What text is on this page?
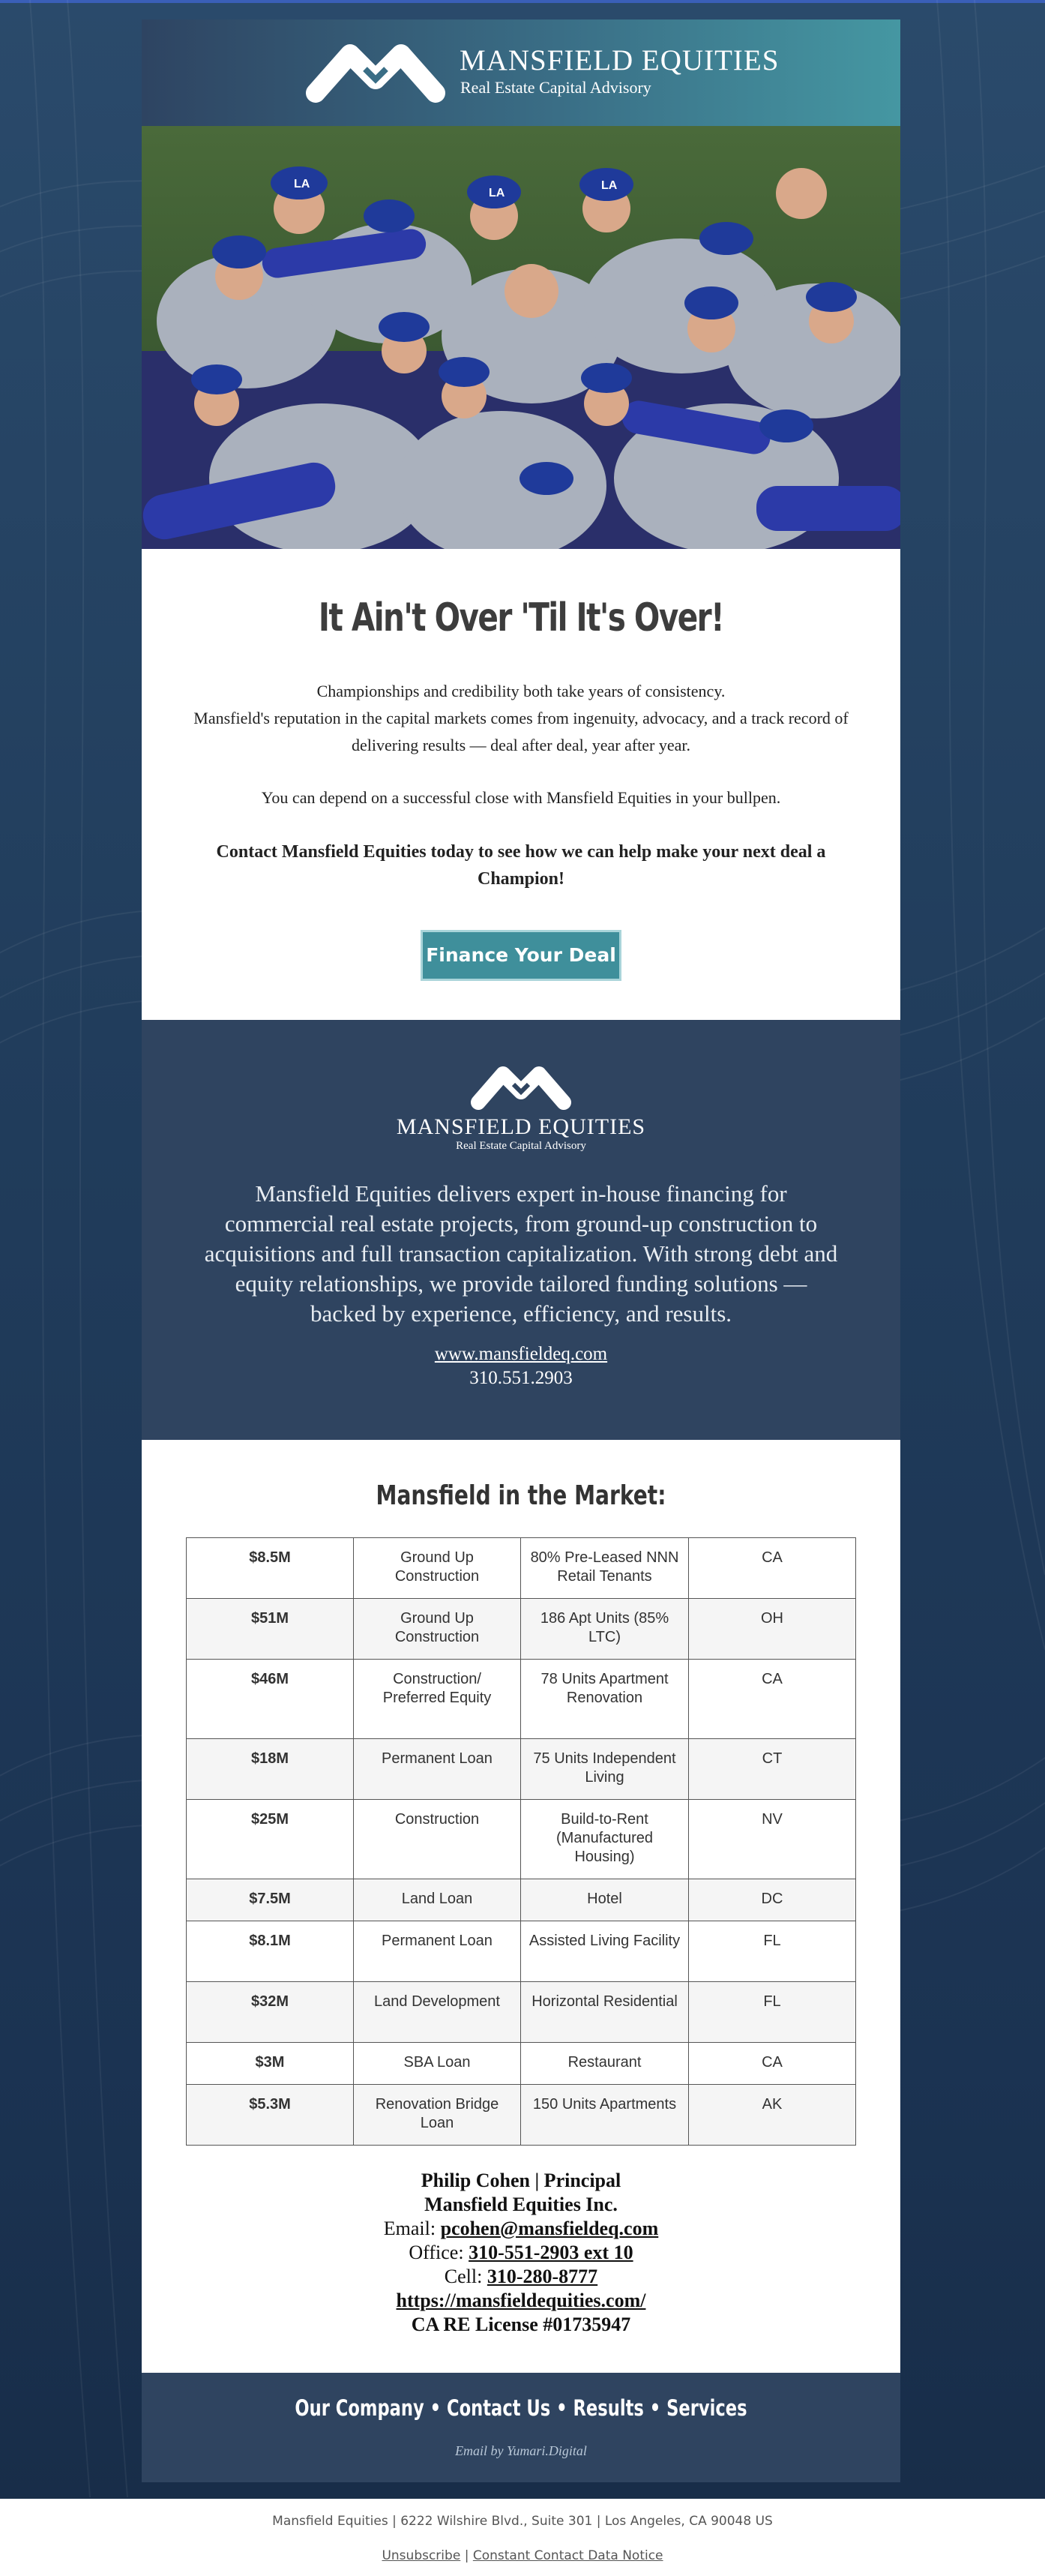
MANSFIELD EQUITIES
Real Estate Capital Advisory
LA
LA
LA
It Ain't Over 'Til It's Over!
Championships and credibility both take years of consistency.
Mansfield's reputation in the capital markets comes from ingenuity, advocacy, and a track record of delivering results — deal after deal, year after year.
You can depend on a successful close with Mansfield Equities in your bullpen.
Contact Mansfield Equities today to see how we can help make your next deal a Champion!
Finance Your Deal
MANSFIELD EQUITIES
Real Estate Capital Advisory
Mansfield Equities delivers expert in-house financing for commercial real estate projects, from ground-up construction to acquisitions and full transaction capitalization. With strong debt and equity relationships, we provide tailored funding solutions — backed by experience, efficiency, and results.
www.mansfieldeq.com
310.551.2903
Mansfield in the Market:
$8.5M	Ground Up Construction	80% Pre-Leased NNN Retail Tenants	CA
$51M	Ground Up Construction	186 Apt Units (85% LTC)	OH
$46M	Construction/ Preferred Equity	78 Units Apartment Renovation	CA
$18M	Permanent Loan	75 Units Independent Living	CT
$25M	Construction	Build-to-Rent (Manufactured Housing)	NV
$7.5M	Land Loan	Hotel	DC
$8.1M	Permanent Loan	Assisted Living Facility	FL
$32M	Land Development	Horizontal Residential	FL
$3M	SBA Loan	Restaurant	CA
$5.3M	Renovation Bridge Loan	150 Units Apartments	AK
Philip Cohen | Principal
Mansfield Equities Inc.
Email: pcohen@mansfieldeq.com
Office: 310-551-2903 ext 10
Cell: 310-280-8777
https://mansfieldequities.com/
CA RE License #01735947
Our Company • Contact Us • Results • Services
Email by Yumari.Digital
Mansfield Equities | 6222 Wilshire Blvd., Suite 301 | Los Angeles, CA 90048 US
Unsubscribe | Constant Contact Data Notice
